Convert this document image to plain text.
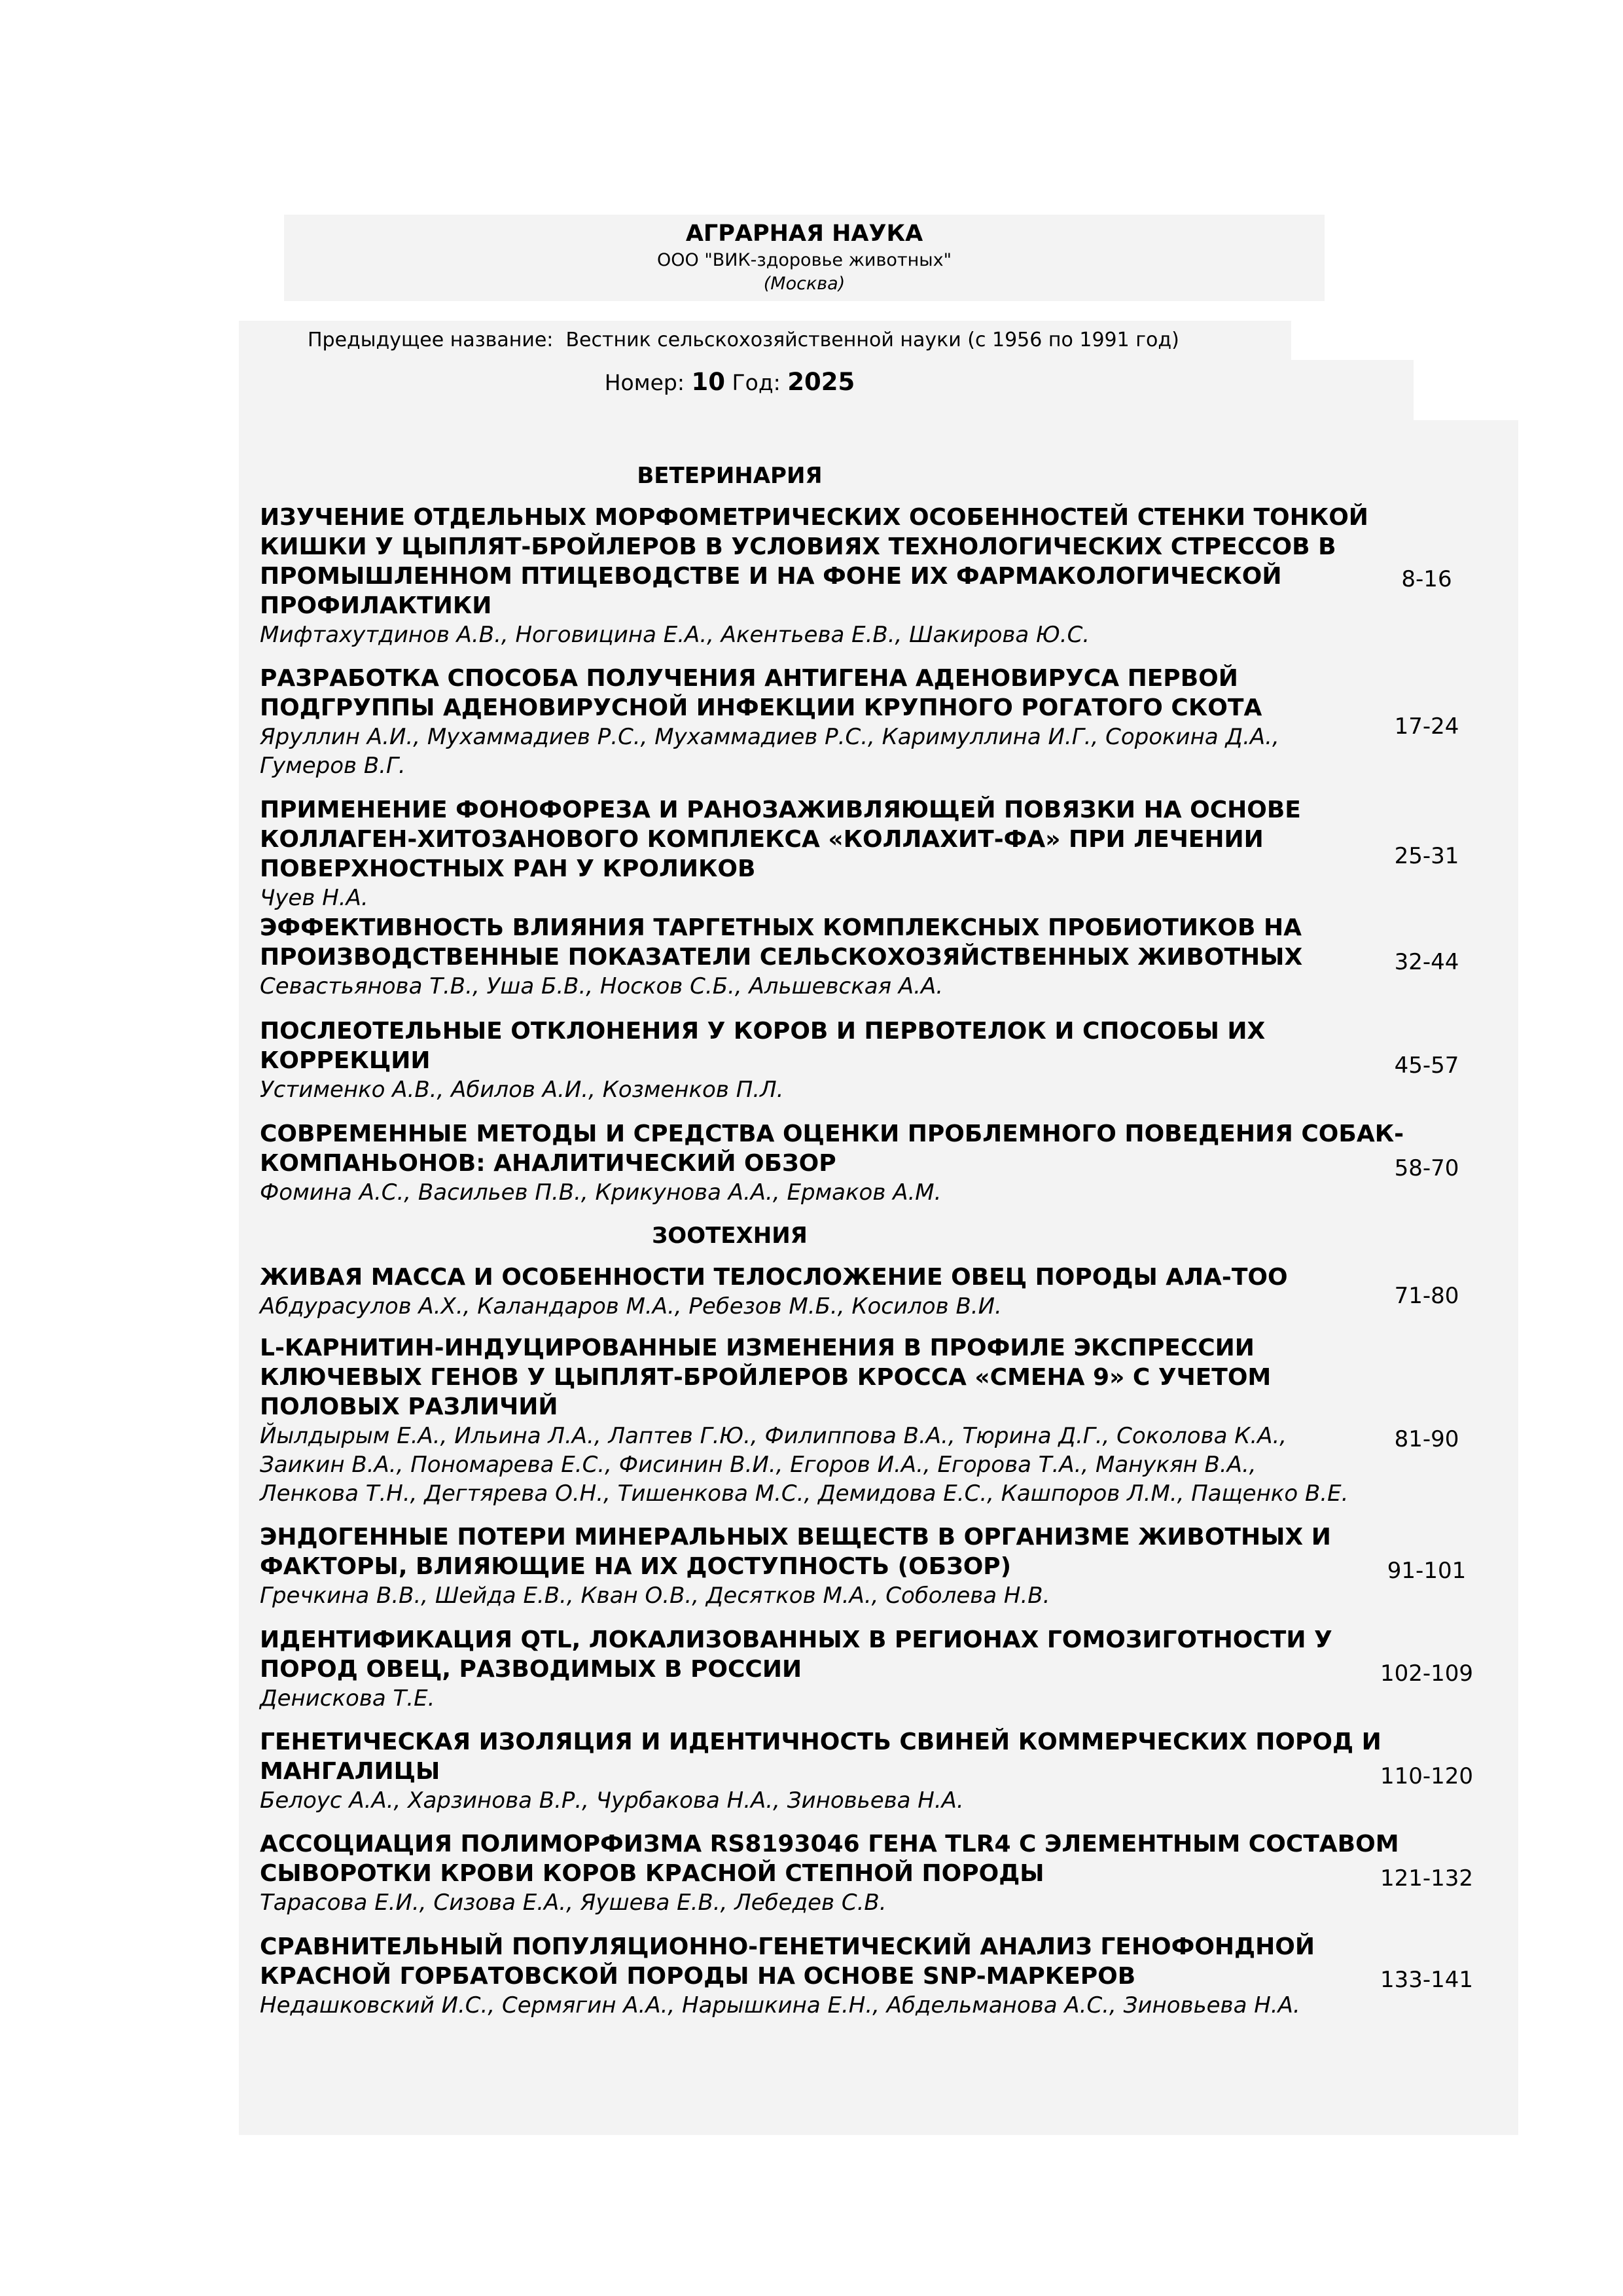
АГРАРНАЯ НАУКА
ООО "ВИК-здоровье животных"
(Москва)
Предыдущее название: Вестник сельскохозяйственной науки (с 1956 по 1991 год)
Номер: 10 Год: 2025
ВЕТЕРИНАРИЯ
ИЗУЧЕНИЕ ОТДЕЛЬНЫХ МОРФОМЕТРИЧЕСКИХ ОСОБЕННОСТЕЙ СТЕНКИ ТОНКОЙ
КИШКИ У ЦЫПЛЯТ-БРОЙЛЕРОВ В УСЛОВИЯХ ТЕХНОЛОГИЧЕСКИХ СТРЕССОВ В
ПРОМЫШЛЕННОМ ПТИЦЕВОДСТВЕ И НА ФОНЕ ИХ ФАРМАКОЛОГИЧЕСКОЙ
ПРОФИЛАКТИКИ
Мифтахутдинов А.В., Ноговицина Е.А., Акентьева Е.В., Шакирова Ю.С.
8-16
РАЗРАБОТКА СПОСОБА ПОЛУЧЕНИЯ АНТИГЕНА АДЕНОВИРУСА ПЕРВОЙ
ПОДГРУППЫ АДЕНОВИРУСНОЙ ИНФЕКЦИИ КРУПНОГО РОГАТОГО СКОТА
Яруллин А.И., Мухаммадиев Р.С., Мухаммадиев Р.С., Каримуллина И.Г., Сорокина Д.А.,
Гумеров В.Г.
17-24
ПРИМЕНЕНИЕ ФОНОФОРЕЗА И РАНОЗАЖИВЛЯЮЩЕЙ ПОВЯЗКИ НА ОСНОВЕ
КОЛЛАГЕН-ХИТОЗАНОВОГО КОМПЛЕКСА «КОЛЛАХИТ-ФА» ПРИ ЛЕЧЕНИИ
ПОВЕРХНОСТНЫХ РАН У КРОЛИКОВ
Чуев Н.А.
25-31
ЭФФЕКТИВНОСТЬ ВЛИЯНИЯ ТАРГЕТНЫХ КОМПЛЕКСНЫХ ПРОБИОТИКОВ НА
ПРОИЗВОДСТВЕННЫЕ ПОКАЗАТЕЛИ СЕЛЬСКОХОЗЯЙСТВЕННЫХ ЖИВОТНЫХ
Севастьянова Т.В., Уша Б.В., Носков С.Б., Альшевская А.А.
32-44
ПОСЛЕОТЕЛЬНЫЕ ОТКЛОНЕНИЯ У КОРОВ И ПЕРВОТЕЛОК И СПОСОБЫ ИХ
КОРРЕКЦИИ
Устименко А.В., Абилов А.И., Козменков П.Л.
45-57
СОВРЕМЕННЫЕ МЕТОДЫ И СРЕДСТВА ОЦЕНКИ ПРОБЛЕМНОГО ПОВЕДЕНИЯ СОБАК-
КОМПАНЬОНОВ: АНАЛИТИЧЕСКИЙ ОБЗОР
Фомина А.С., Васильев П.В., Крикунова А.А., Ермаков А.М.
58-70
ЗООТЕХНИЯ
ЖИВАЯ МАССА И ОСОБЕННОСТИ ТЕЛОСЛОЖЕНИЕ ОВЕЦ ПОРОДЫ АЛА-ТОО
Абдурасулов А.Х., Каландаров М.А., Ребезов М.Б., Косилов В.И.	71-80
L-КАРНИТИН-ИНДУЦИРОВАННЫЕ ИЗМЕНЕНИЯ В ПРОФИЛЕ ЭКСПРЕССИИ
КЛЮЧЕВЫХ ГЕНОВ У ЦЫПЛЯТ-БРОЙЛЕРОВ КРОССА «СМЕНА 9» С УЧЕТОМ
ПОЛОВЫХ РАЗЛИЧИЙ
Йылдырым Е.А., Ильина Л.А., Лаптев Г.Ю., Филиппова В.А., Тюрина Д.Г., Соколова К.А.,
Заикин В.А., Пономарева Е.С., Фисинин В.И., Егоров И.А., Егорова Т.А., Манукян В.А.,
Ленкова Т.Н., Дегтярева О.Н., Тишенкова М.С., Демидова Е.С., Кашпоров Л.М., Пащенко В.Е.
81-90
ЭНДОГЕННЫЕ ПОТЕРИ МИНЕРАЛЬНЫХ ВЕЩЕСТВ В ОРГАНИЗМЕ ЖИВОТНЫХ И
ФАКТОРЫ, ВЛИЯЮЩИЕ НА ИХ ДОСТУПНОСТЬ (ОБЗОР)
Гречкина В.В., Шейда Е.В., Кван О.В., Десятков М.А., Соболева Н.В.
91-101
ИДЕНТИФИКАЦИЯ QTL, ЛОКАЛИЗОВАННЫХ В РЕГИОНАХ ГОМОЗИГОТНОСТИ У
ПОРОД ОВЕЦ, РАЗВОДИМЫХ В РОССИИ
Денискова Т.Е.
102-109
ГЕНЕТИЧЕСКАЯ ИЗОЛЯЦИЯ И ИДЕНТИЧНОСТЬ СВИНЕЙ КОММЕРЧЕСКИХ ПОРОД И
МАНГАЛИЦЫ
Белоус А.А., Харзинова В.Р., Чурбакова Н.А., Зиновьева Н.А.
110-120
АССОЦИАЦИЯ ПОЛИМОРФИЗМА RS8193046 ГЕНА TLR4 С ЭЛЕМЕНТНЫМ СОСТАВОМ
СЫВОРОТКИ КРОВИ КОРОВ КРАСНОЙ СТЕПНОЙ ПОРОДЫ
Тарасова Е.И., Сизова Е.А., Яушева Е.В., Лебедев С.В.
121-132
СРАВНИТЕЛЬНЫЙ ПОПУЛЯЦИОННО-ГЕНЕТИЧЕСКИЙ АНАЛИЗ ГЕНОФОНДНОЙ
КРАСНОЙ ГОРБАТОВСКОЙ ПОРОДЫ НА ОСНОВЕ SNP-МАРКЕРОВ
Недашковский И.С., Сермягин А.А., Нарышкина Е.Н., Абдельманова А.С., Зиновьева Н.А.
133-141
